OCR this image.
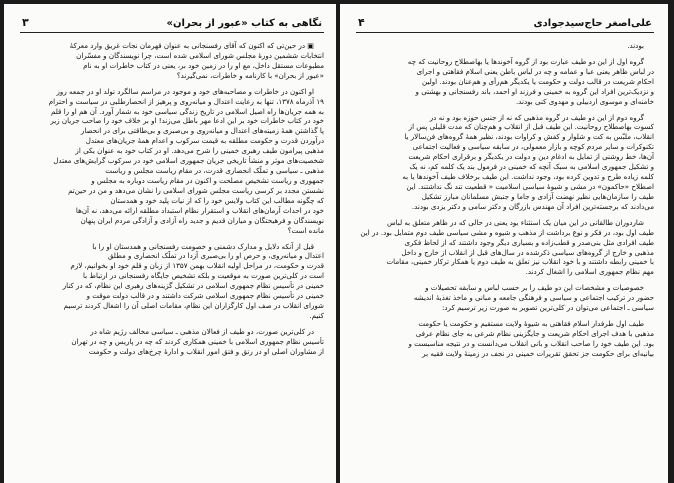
نگاهی به کتاب «عبور از بحران»
۳

▣ در حین‌تی که اکنون که آقای رفسنجانی به عنوان قهرمان نجات غریق وارد معرکهٔ
انتخابات ششمین دورهٔ مجلس شورای اسلامی شده است، چرا نویسندگان و مفسّران
مطبوعات مستقل داخل، مع او را در زمین خود بر، یعنی در کتاب خاطرات او به نام
«عبور از بحران» با کارنامه و خاطرات، نمی‌گیرند؟

او اکنون در خاطرات و مصاحبه‌های خود و موجود در مراسم سالگرد تولد او در جمعه روز
۱۹ آذرماه ۱۳۷۸، تنها به رعایت اعتدال و میانه‌روی و پرهیز از انحصارطلبی در سیاست و احترام
به همه جریان‌ها راه اصیل اسلامی در تاریخ زندگی سیاسی خود به شمار آورد. آن هم او را قلم
خود در کتاب خاطرات خود بر این ادعا مهر باطل می‌زند! او بر خلاف خود را صاحب جریان زیر
پا گذاشتن همهٔ زمینه‌های اعتدال و میانه‌روی و بی‌صبری و بی‌طاقتی برای در انحصار
درآوردن قدرت و حکومت مطلقه به قیمت سرکوب و اعدام همهٔ جریان‌های معتدل
مذهبی پیرامون طیف رهبری خمینی را شرح می‌دهد. او در کتاب خود به عنوان یکی از
شخصیت‌های موثر و منشأ تاریخی جریان جمهوری اسلامی خود در سرکوب گرایش‌های معتدل
مذهبی ـ سیاسی و تملّک انحصاری قدرت، در مقام ریاست مجلس و ریاست
جمهوری و ریاست تشخیص مصلحت و اکنون در مقام ریاست دوباره به مجلس و
نشستن مجدد بر کرسی ریاست مجلس شورای اسلامی را نشان می‌دهد و من در حین‌تم
که چگونه مطالب این کتاب ولایس خود را که از نیات پلید خود و همدستان
خود در احداث آرمان‌های انقلاب و استقرار نظام استبداد مطلقه ارائه می‌دهد، نه آن‌ها
نویسندگان و فرهیختگان و میاران قدیم و جدید راه آزادی و آزادگی مردم ایران پنهان
مانده است؟

قبل از آنکه دلایل و مدارک دشمنی و خصومت رفسنجانی و همدستان او را با
اعتدال و میانه‌روی، و حرص او را بی‌صبری آزدا در تملّک انحصاری و مطلق
قدرت و حکومت، در مراحل اولیه انقلاب بهمن ۱۳۵۷ از زبان و قلم خود او بخوانیم، لازم
است در کلی‌ترین صورت به موقعیت و بلکه تشخیص جایگاه رفسنجانی در ارتباط با
خمینی در تأسیس نظام جمهوری اسلامی در تشکیل گزینه‌های رهبری این نظام، که در کنار
خمینی در تأسیس نظام جمهوری اسلامی شرکت داشتند و در قالب دولت موقت و
شورای انقلاب در صف اول کارگزاران این نظام، مقامات اصلی آن را اشغال کردند ترسیم
کنیم.

در کلی‌ترین صورت، دو طیف از فعالان مذهبی ـ سیاسی مخالف رژیم شاه در
تأسیس نظام جمهوری اسلامی با خمینی همکاری کردند که چه در پاریس و چه در تهران
از مشاوران اصلی او در رتق و فتق امور انقلاب و ادارهٔ چرخ‌های دولت و حکومت

علی‌اصغر حاج‌سیدجوادی
۴

بودند.

گروه اول از این دو طیف عبارت بود از گروه آخوندها یا بهاصطلاح روحانیت که چه
در لباس ظاهر یعنی عبا و عمامه و چه در لباس باطن یعنی اسلام فقاهتی و اجرای
احکام شریعت در قالب دولت و حکومت یا یکدیگر هم‌رأی و هم‌عنان بودند. اولین
و نزدیک‌ترین افراد این گروه به خمینی و فرزند او احمد، باند رفسنجانی و بهشتی و
خامنه‌ای و موسوی اردبیلی و مهدوی کنی بودند.

گروه دوم از این دو طیف در گروه مذهبی که نه از جنس حوزه بود و نه در
کسوت بهاصطلاح روحانیت. این طیف قبل از انقلاب و هم‌چنان که مدت قلیلی پس از
انقلاب، ملبّس به کت و شلوار و کفش و کراوات بودند، نظیر همهٔ گروه‌های فن‌سالار یا
تکنوکرات و سایر مردم کوچه و بازار معمولی، در سابقه سیاسی و فعالیت اجتماعی
آن‌ها، خط روشنی از تمایل به ادغام دین و دولت در یکدیگر و برقراری احکام شریعت
و تشکیل جمهوری اسلامی به سبک آنچه که خمینی در فرمول بند یک کلمه کم، نه یک
کلمه زیاده طرح و تدوین کرده بود، وجود نداشت. این طیف برخلاف طیف آخوندها یا به
اصطلاح «حاکمون» در مشی و شیوهٔ سیاسی اسلامیت « قطعیت تند نگ نداشتند. این
طیف را سازمان‌هایی نظیر نهضت آزادی و جاما و جنبش مسلمانان مبارز تشکیل
می‌دادند که برجسته‌ترین افراد آن مهندس بازرگان و دکتر سامی و دکتر یزدی بودند.

شاردوران طالقانی در این میان یک استثناء بود یعنی در حالی که در ظاهر متعلق به لباس
طیف اول بود، در فکر و نوع برداشت از مذهب و شیوه و مشی سیاسی طیف دوم متمایل بود. در این
طیف افرادی مثل بنی‌صدر و قطب‌زاده و بسیاری دیگر وجود داشتند که از لحاظ فکری
مذهبی و خارج از گروه‌های سیاسی ذکرشده در سال‌های قبل از انقلاب از خارج و داخل
با خمینی رابطه داشتند و با خود انقلاب نیز تعلق به طیف دوم یا همکار ترکار خمینی، مقامات
مهم نظام جمهوری اسلامی را اشغال کردند.

خصوصیات و مشخصات این دو طیف را بر حسب لباس و سابقه تحصیلات و
حضور در ترکیب اجتماعی و سیاسی و فرهنگی جامعه و مبانی و ماخذ تغذیهٔ اندیشه
سیاسی ـ اجتماعی می‌توان در کلی‌ترین تصویر به صورت زیر ترسیم کرد:

طیف اول طرفدار اسلام فقاهتی به شیوهٔ ولایت مستقیم و حکومت یا حکومت
مذهبی با هدف اجرای احکام شریعت و جایگزینی نظام شرعی به جای نظام عرفی
بود. این طیف خود را صاحب انقلاب و بانی انقلاب می‌دانست و در نتیجه مناسبست و
بیانیه‌ای برای حکومت جز تحقق تقریرات خمینی در نجف در زمینهٔ ولایت فقیه بر
